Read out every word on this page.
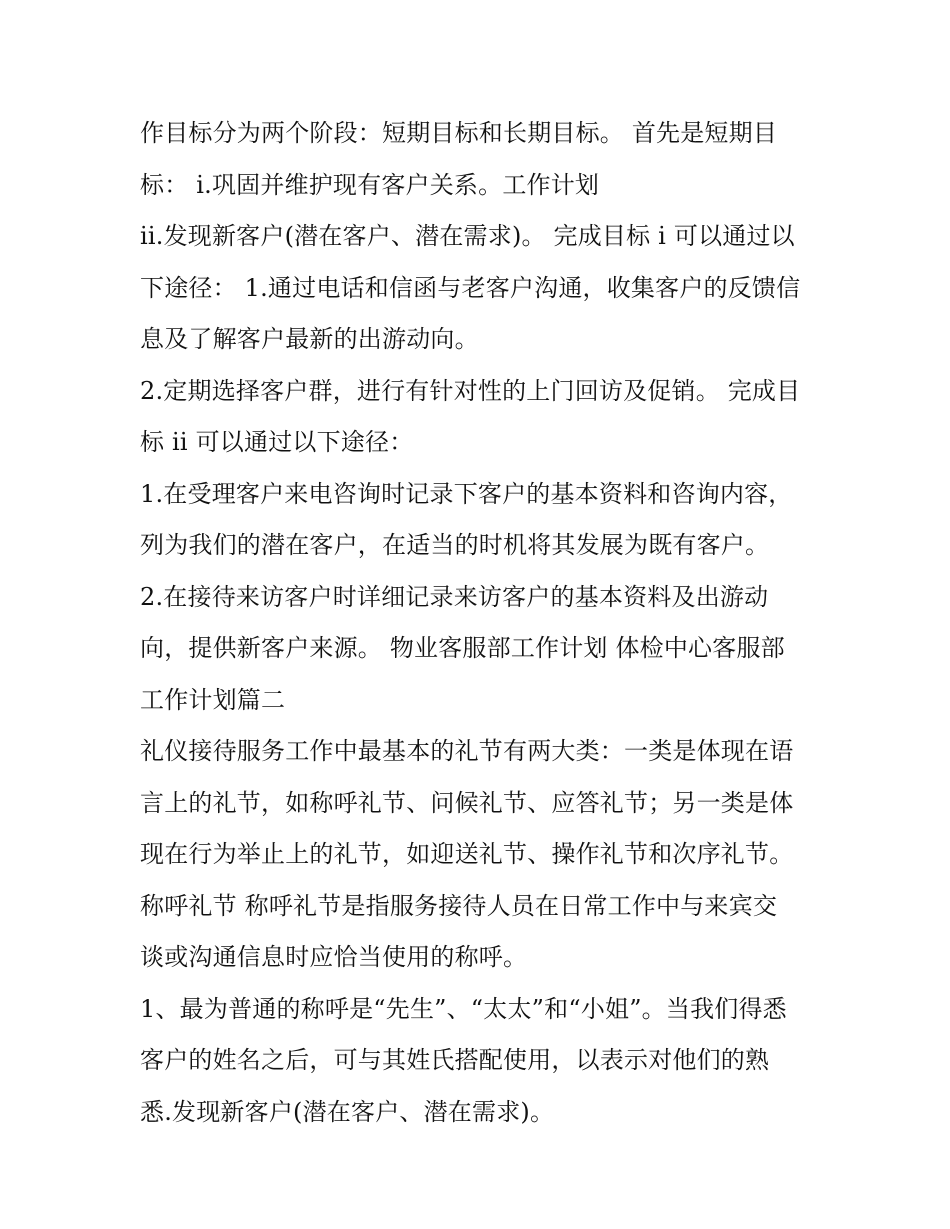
作目标分为两个阶段：短期目标和长期目标。 首先是短期目
标： i.巩固并维护现有客户关系。工作计划
ii.发现新客户(潜在客户、潜在需求)。 完成目标 i 可以通过以
下途径： 1.通过电话和信函与老客户沟通，收集客户的反馈信
息及了解客户最新的出游动向。
2.定期选择客户群，进行有针对性的上门回访及促销。 完成目
标 ii 可以通过以下途径：
1.在受理客户来电咨询时记录下客户的基本资料和咨询内容，
列为我们的潜在客户，在适当的时机将其发展为既有客户。
2.在接待来访客户时详细记录来访客户的基本资料及出游动
向，提供新客户来源。 物业客服部工作计划 体检中心客服部
工作计划篇二
礼仪接待服务工作中最基本的礼节有两大类：一类是体现在语
言上的礼节，如称呼礼节、问候礼节、应答礼节；另一类是体
现在行为举止上的礼节，如迎送礼节、操作礼节和次序礼节。
称呼礼节 称呼礼节是指服务接待人员在日常工作中与来宾交
谈或沟通信息时应恰当使用的称呼。
1、最为普通的称呼是“先生”、“太太”和“小姐”。当我们得悉
客户的姓名之后，可与其姓氏搭配使用，以表示对他们的熟
悉.发现新客户(潜在客户、潜在需求)。
